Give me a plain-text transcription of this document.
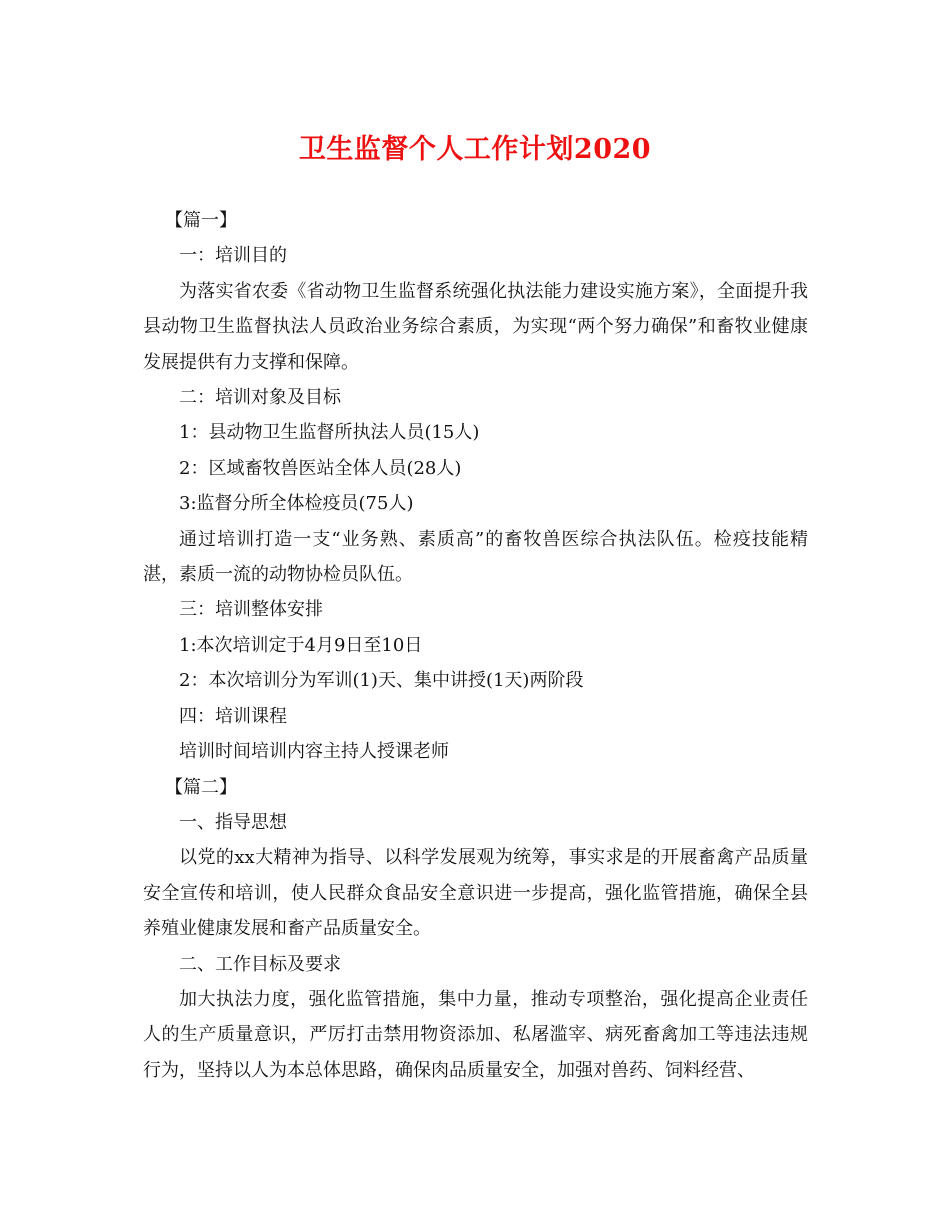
卫生监督个人工作计划2020

【篇一】

一：培训目的

为落实省农委《省动物卫生监督系统强化执法能力建设实施方案》，全面提升我县动物卫生监督执法人员政治业务综合素质，为实现“两个努力确保”和畜牧业健康发展提供有力支撑和保障。

二：培训对象及目标

1：县动物卫生监督所执法人员(15人)

2：区域畜牧兽医站全体人员(28人)

3:监督分所全体检疫员(75人)

通过培训打造一支“业务熟、素质高”的畜牧兽医综合执法队伍。检疫技能精湛，素质一流的动物协检员队伍。

三：培训整体安排

1:本次培训定于4月9日至10日

2：本次培训分为军训(1)天、集中讲授(1天)两阶段

四：培训课程

培训时间培训内容主持人授课老师

【篇二】

一、指导思想

以党的xx大精神为指导、以科学发展观为统筹，事实求是的开展畜禽产品质量安全宣传和培训，使人民群众食品安全意识进一步提高，强化监管措施，确保全县养殖业健康发展和畜产品质量安全。

二、工作目标及要求

加大执法力度，强化监管措施，集中力量，推动专项整治，强化提高企业责任人的生产质量意识，严厉打击禁用物资添加、私屠滥宰、病死畜禽加工等违法违规行为，坚持以人为本总体思路，确保肉品质量安全，加强对兽药、饲料经营、
